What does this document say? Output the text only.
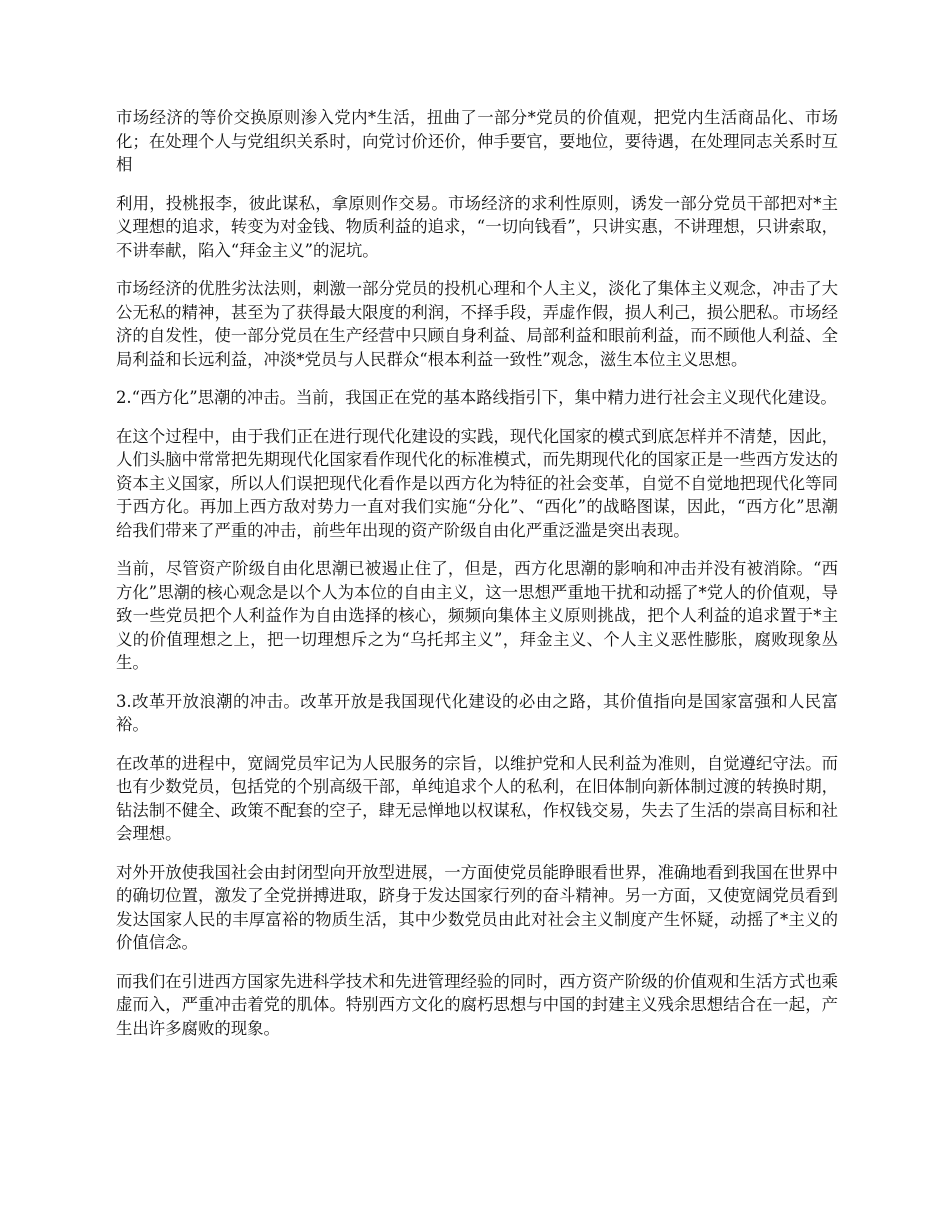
市场经济的等价交换原则渗入党内*生活，扭曲了一部分*党员的价值观，把党内生活商品化、市场化；在处理个人与党组织关系时，向党讨价还价，伸手要官，要地位，要待遇，在处理同志关系时互相

利用，投桃报李，彼此谋私，拿原则作交易。市场经济的求利性原则，诱发一部分党员干部把对*主义理想的追求，转变为对金钱、物质利益的追求，“一切向钱看”，只讲实惠，不讲理想，只讲索取，不讲奉献，陷入“拜金主义”的泥坑。

市场经济的优胜劣汰法则，刺激一部分党员的投机心理和个人主义，淡化了集体主义观念，冲击了大公无私的精神，甚至为了获得最大限度的利润，不择手段，弄虚作假，损人利己，损公肥私。市场经济的自发性，使一部分党员在生产经营中只顾自身利益、局部利益和眼前利益，而不顾他人利益、全局利益和长远利益，冲淡*党员与人民群众“根本利益一致性”观念，滋生本位主义思想。

2.“西方化”思潮的冲击。当前，我国正在党的基本路线指引下，集中精力进行社会主义现代化建设。

在这个过程中，由于我们正在进行现代化建设的实践，现代化国家的模式到底怎样并不清楚，因此，人们头脑中常常把先期现代化国家看作现代化的标准模式，而先期现代化的国家正是一些西方发达的资本主义国家，所以人们误把现代化看作是以西方化为特征的社会变革，自觉不自觉地把现代化等同于西方化。再加上西方敌对势力一直对我们实施“分化”、“西化”的战略图谋，因此，“西方化”思潮给我们带来了严重的冲击，前些年出现的资产阶级自由化严重泛滥是突出表现。

当前，尽管资产阶级自由化思潮已被遏止住了，但是，西方化思潮的影响和冲击并没有被消除。“西方化”思潮的核心观念是以个人为本位的自由主义，这一思想严重地干扰和动摇了*党人的价值观，导致一些党员把个人利益作为自由选择的核心，频频向集体主义原则挑战，把个人利益的追求置于*主义的价值理想之上，把一切理想斥之为“乌托邦主义”，拜金主义、个人主义恶性膨胀，腐败现象丛生。

3.改革开放浪潮的冲击。改革开放是我国现代化建设的必由之路，其价值指向是国家富强和人民富裕。

在改革的进程中，宽阔党员牢记为人民服务的宗旨，以维护党和人民利益为准则，自觉遵纪守法。而也有少数党员，包括党的个别高级干部，单纯追求个人的私利，在旧体制向新体制过渡的转换时期，钻法制不健全、政策不配套的空子，肆无忌惮地以权谋私，作权钱交易，失去了生活的崇高目标和社会理想。

对外开放使我国社会由封闭型向开放型进展，一方面使党员能睁眼看世界，准确地看到我国在世界中的确切位置，激发了全党拼搏进取，跻身于发达国家行列的奋斗精神。另一方面，又使宽阔党员看到发达国家人民的丰厚富裕的物质生活，其中少数党员由此对社会主义制度产生怀疑，动摇了*主义的价值信念。

而我们在引进西方国家先进科学技术和先进管理经验的同时，西方资产阶级的价值观和生活方式也乘虚而入，严重冲击着党的肌体。特别西方文化的腐朽思想与中国的封建主义残余思想结合在一起，产生出许多腐败的现象。
